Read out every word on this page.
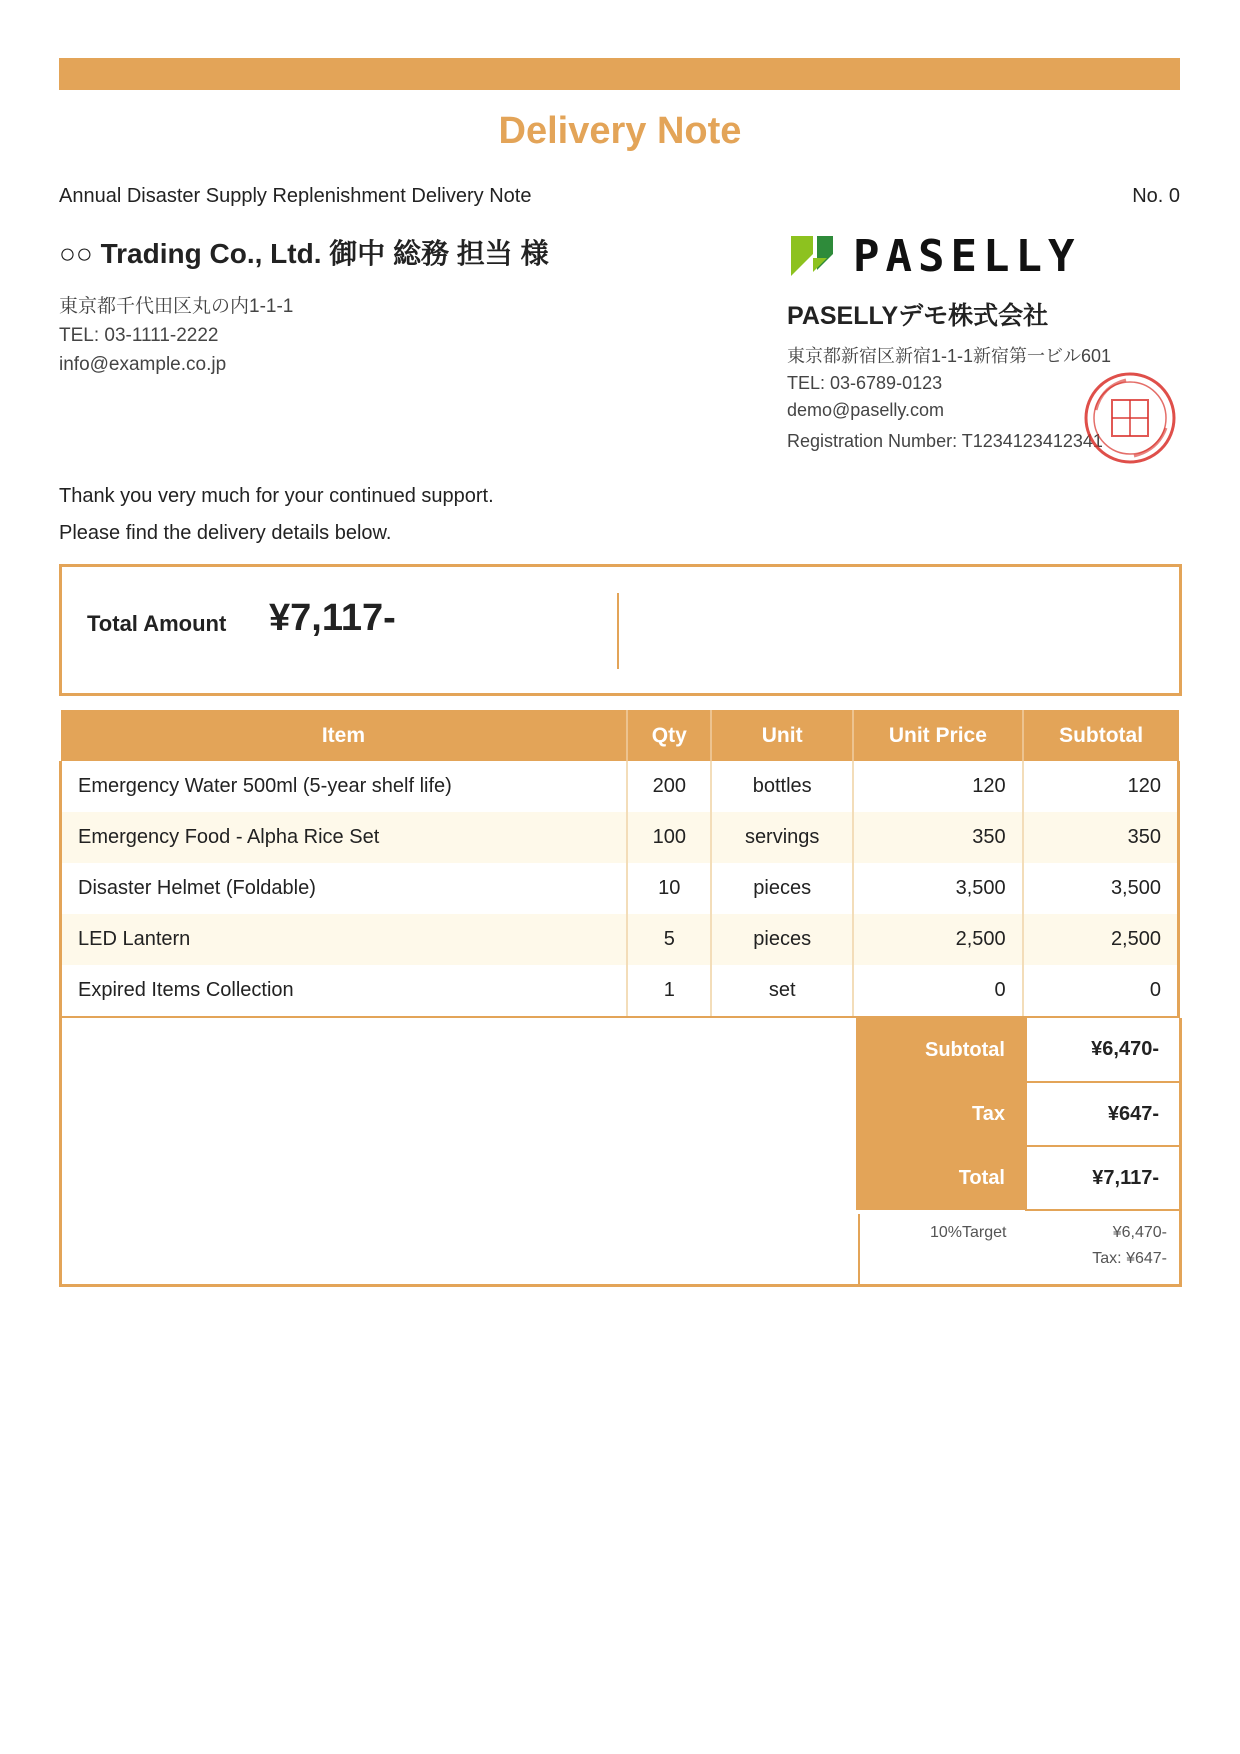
Delivery Note
Annual Disaster Supply Replenishment Delivery Note	No. 0
○○ Trading Co., Ltd. 御中 総務 担当 様
東京都千代田区丸の内1-1-1
TEL: 03-1111-2222
info@example.co.jp
PASELLY
PASELLYデモ株式会社
東京都新宿区新宿1-1-1新宿第一ビル601
TEL: 03-6789-0123
demo@paselly.com
Registration Number: T1234123412341
Thank you very much for your continued support.
Please find the delivery details below.
Total Amount ¥7,117-
Item	Qty	Unit	Unit Price	Subtotal
Emergency Water 500ml (5-year shelf life)	200	bottles	120	120
Emergency Food - Alpha Rice Set	100	servings	350	350
Disaster Helmet (Foldable)	10	pieces	3,500	3,500
LED Lantern	5	pieces	2,500	2,500
Expired Items Collection	1	set	0	0
Subtotal	¥6,470-
Tax	¥647-
Total	¥7,117-
10%Target	¥6,470-
Tax: ¥647-
